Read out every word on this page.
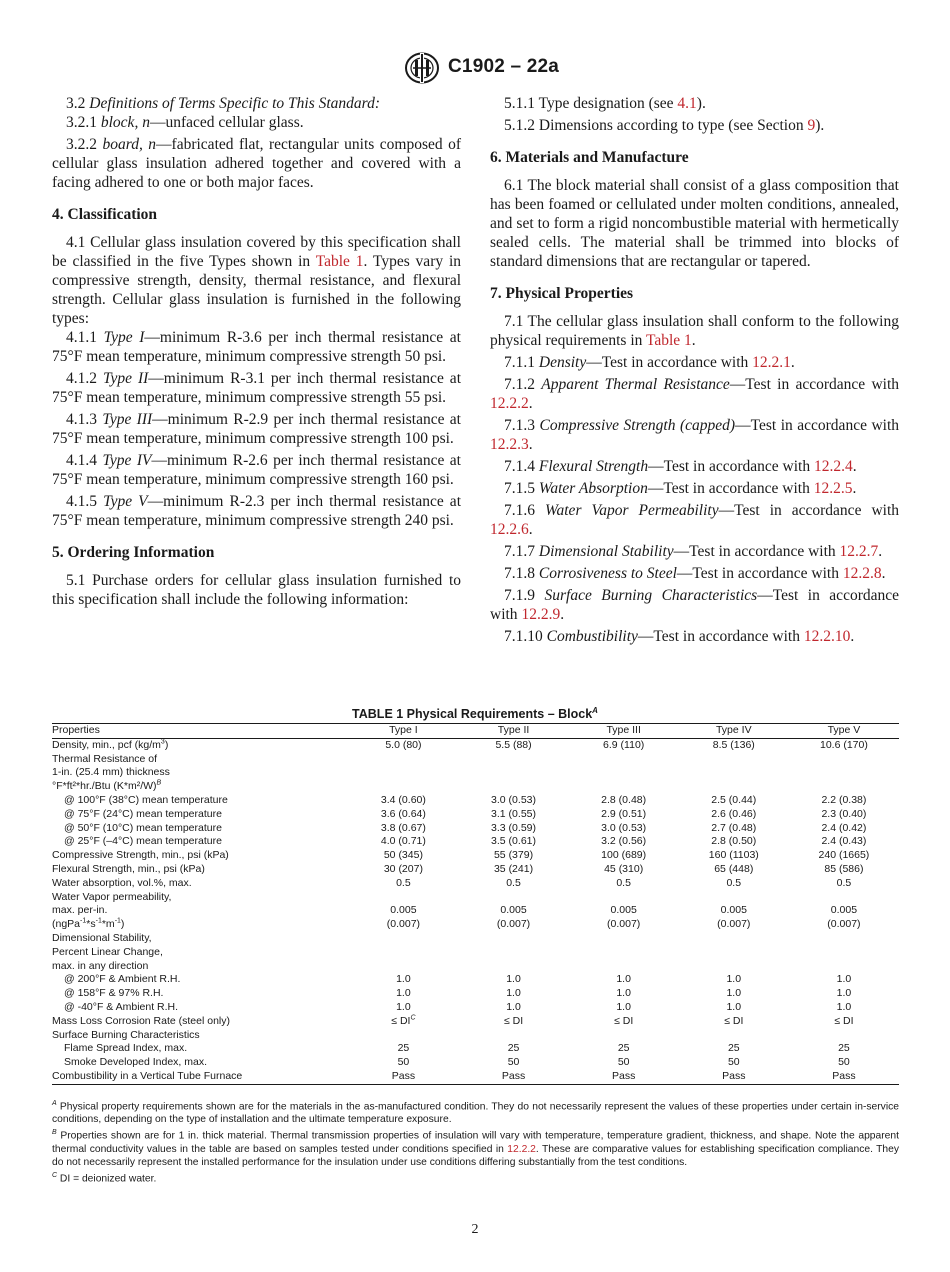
C1902 – 22a

3.2 Definitions of Terms Specific to This Standard:

3.2.1 block, n—unfaced cellular glass.

3.2.2 board, n—fabricated flat, rectangular units composed of cellular glass insulation adhered together and covered with a facing adhered to one or both major faces.

4. Classification

4.1 Cellular glass insulation covered by this specification shall be classified in the five Types shown in Table 1. Types vary in compressive strength, density, thermal resistance, and flexural strength. Cellular glass insulation is furnished in the following types:

4.1.1 Type I—minimum R-3.6 per inch thermal resistance at 75°F mean temperature, minimum compressive strength 50 psi.

4.1.2 Type II—minimum R-3.1 per inch thermal resistance at 75°F mean temperature, minimum compressive strength 55 psi.

4.1.3 Type III—minimum R-2.9 per inch thermal resistance at 75°F mean temperature, minimum compressive strength 100 psi.

4.1.4 Type IV—minimum R-2.6 per inch thermal resistance at 75°F mean temperature, minimum compressive strength 160 psi.

4.1.5 Type V—minimum R-2.3 per inch thermal resistance at 75°F mean temperature, minimum compressive strength 240 psi.

5. Ordering Information

5.1 Purchase orders for cellular glass insulation furnished to this specification shall include the following information:

5.1.1 Type designation (see 4.1).

5.1.2 Dimensions according to type (see Section 9).

6. Materials and Manufacture

6.1 The block material shall consist of a glass composition that has been foamed or cellulated under molten conditions, annealed, and set to form a rigid noncombustible material with hermetically sealed cells. The material shall be trimmed into blocks of standard dimensions that are rectangular or tapered.

7. Physical Properties

7.1 The cellular glass insulation shall conform to the following physical requirements in Table 1.

7.1.1 Density—Test in accordance with 12.2.1.

7.1.2 Apparent Thermal Resistance—Test in accordance with 12.2.2.

7.1.3 Compressive Strength (capped)—Test in accordance with 12.2.3.

7.1.4 Flexural Strength—Test in accordance with 12.2.4.

7.1.5 Water Absorption—Test in accordance with 12.2.5.

7.1.6 Water Vapor Permeability—Test in accordance with 12.2.6.

7.1.7 Dimensional Stability—Test in accordance with 12.2.7.

7.1.8 Corrosiveness to Steel—Test in accordance with 12.2.8.

7.1.9 Surface Burning Characteristics—Test in accordance with 12.2.9.

7.1.10 Combustibility—Test in accordance with 12.2.10.

TABLE 1 Physical Requirements – Block$^A$
Properties	Type I	Type II	Type III	Type IV	Type V
Density, min., pcf $(kg/m^3)$	5.0 (80)	5.5 (88)	6.9 (110)	8.5 (136)	10.6 (170)
Thermal Resistance of					
1-in. (25.4 mm) thickness					
°F*ft²*hr./Btu $(K*m^2/W)^B$
@ 100°F (38°C) mean temperature	3.4 (0.60)	3.0 (0.53)	2.8 (0.48)	2.5 (0.44)	2.2 (0.38)
@ 75°F (24°C) mean temperature	3.6 (0.64)	3.1 (0.55)	2.9 (0.51)	2.6 (0.46)	2.3 (0.40)
@ 50°F (10°C) mean temperature	3.8 (0.67)	3.3 (0.59)	3.0 (0.53)	2.7 (0.48)	2.4 (0.42)
@ 25°F (–4°C) mean temperature	4.0 (0.71)	3.5 (0.61)	3.2 (0.56)	2.8 (0.50)	2.4 (0.43)
Compressive Strength, min., psi (kPa)	50 (345)	55 (379)	100 (689)	160 (1103)	240 (1665)
Flexural Strength, min., psi (kPa)	30 (207)	35 (241)	45 (310)	65 (448)	85 (586)
Water absorption, vol.%, max.	0.5	0.5	0.5	0.5	0.5
Water Vapor permeability,					
max. per-in.	0.005	0.005	0.005	0.005	0.005
$(ngPa^{-1}*s^{-1}*m^{-1})$	(0.007)	(0.007)	(0.007)	(0.007)	(0.007)
Dimensional Stability,					
Percent Linear Change,					
max. in any direction					
@ 200°F & Ambient R.H.	1.0	1.0	1.0	1.0	1.0
@ 158°F & 97% R.H.	1.0	1.0	1.0	1.0	1.0
@ -40°F & Ambient R.H.	1.0	1.0	1.0	1.0	1.0
Mass Loss Corrosion Rate (steel only)	≤ $DI^C$	≤ DI	≤ DI	≤ DI	≤ DI
Surface Burning Characteristics					
Flame Spread Index, max.	25	25	25	25	25
Smoke Developed Index, max.	50	50	50	50	50
Combustibility in a Vertical Tube Furnace	Pass	Pass	Pass	Pass	Pass

$^A$ Physical property requirements shown are for the materials in the as-manufactured condition. They do not necessarily represent the values of these properties under certain in-service conditions, depending on the type of installation and the ultimate temperature exposure.

$^B$ Properties shown are for 1 in. thick material. Thermal transmission properties of insulation will vary with temperature, temperature gradient, thickness, and shape. Note the apparent thermal conductivity values in the table are based on samples tested under conditions specified in 12.2.2. These are comparative values for establishing specification compliance. They do not necessarily represent the installed performance for the insulation under use conditions differing substantially from the test conditions.

$^C$ DI = deionized water.

2
